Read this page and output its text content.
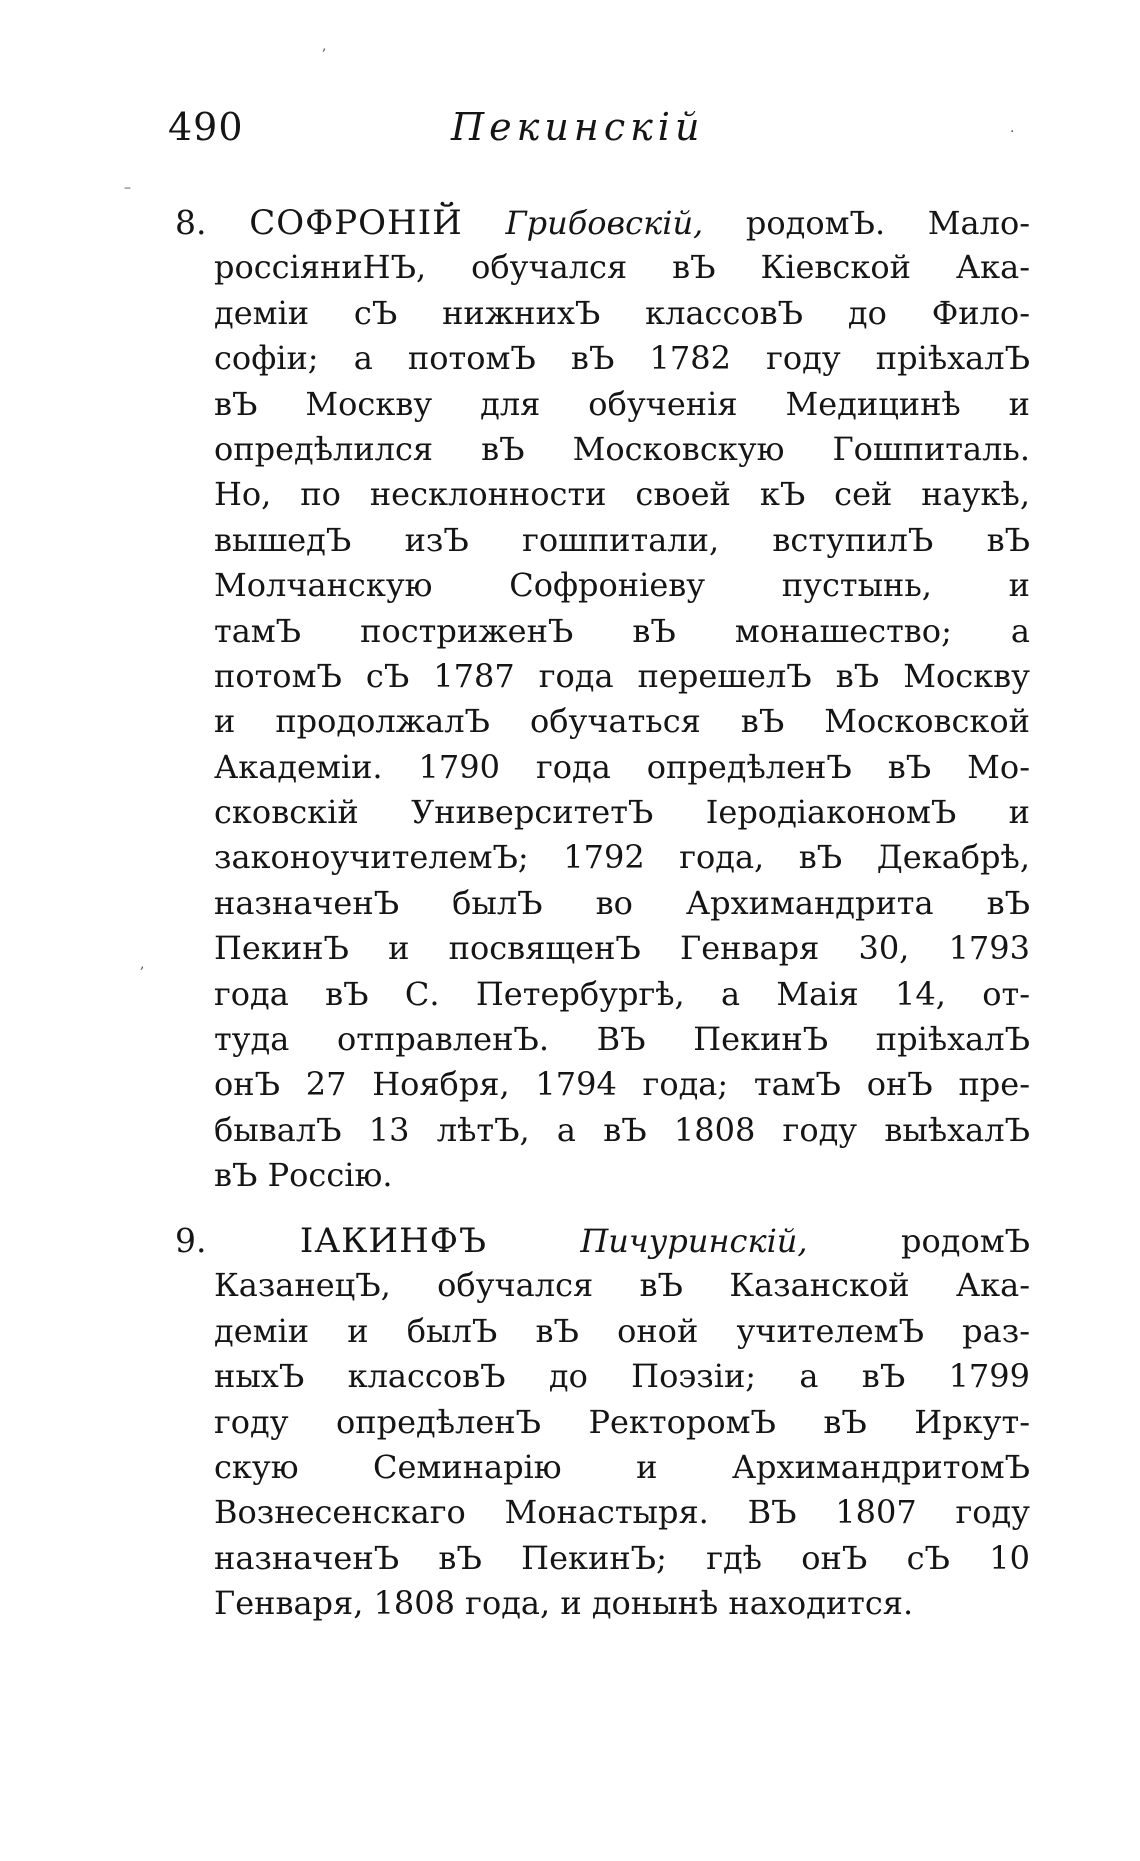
490	Пекинскiй
8. СОФРОНIЙ Грибовскiй, родомЪ. Мало-
россiяниНЪ, обучался вЪ Кiевской Ака-
демiи сЪ нижнихЪ классовЪ до Фило-
софiи; а потомЪ вЪ 1782 году прiѣхалЪ
вЪ Москву для обученiя Медицинѣ и
опредѣлился вЪ Московскую Гошпиталь.
Но, по несклонности своей кЪ сей наукѣ,
вышедЪ изЪ гошпитали, вступилЪ вЪ
Молчанскую Софронiеву пустынь, и
тамЪ постриженЪ вЪ монашество; а
потомЪ сЪ 1787 года перешелЪ вЪ Москву
и продолжалЪ обучаться вЪ Московской
Академiи. 1790 года опредѣленЪ вЪ Мо-
сковскiй УниверситетЪ IеродiакономЪ и
законоучителемЪ; 1792 года, вЪ Декабрѣ,
назначенЪ былЪ во Архимандрита вЪ
ПекинЪ и посвященЪ Генваря 30, 1793
года вЪ С. Петербургѣ, а Маiя 14, от-
туда отправленЪ. ВЪ ПекинЪ прiѣхалЪ
онЪ 27 Ноября, 1794 года; тамЪ онЪ пре-
бывалЪ 13 лѣтЪ, а вЪ 1808 году выѣхалЪ
вЪ Россiю.
9.	IАКИНФЪ	Пичуринскiй,	родомЪ
КазанецЪ, обучался вЪ Казанской Ака-
демiи и былЪ вЪ оной учителемЪ раз-
ныхЪ классовЪ до Поэзiи; а вЪ 1799
году опредѣленЪ РекторомЪ вЪ Иркут-
скую Семинарiю и АрхимандритомЪ
Вознесенскаго Монастыря. ВЪ 1807 году
назначенЪ вЪ ПекинЪ; гдѣ онЪ сЪ 10
Генваря, 1808 года, и донынѣ находится.
,
–
,
·
